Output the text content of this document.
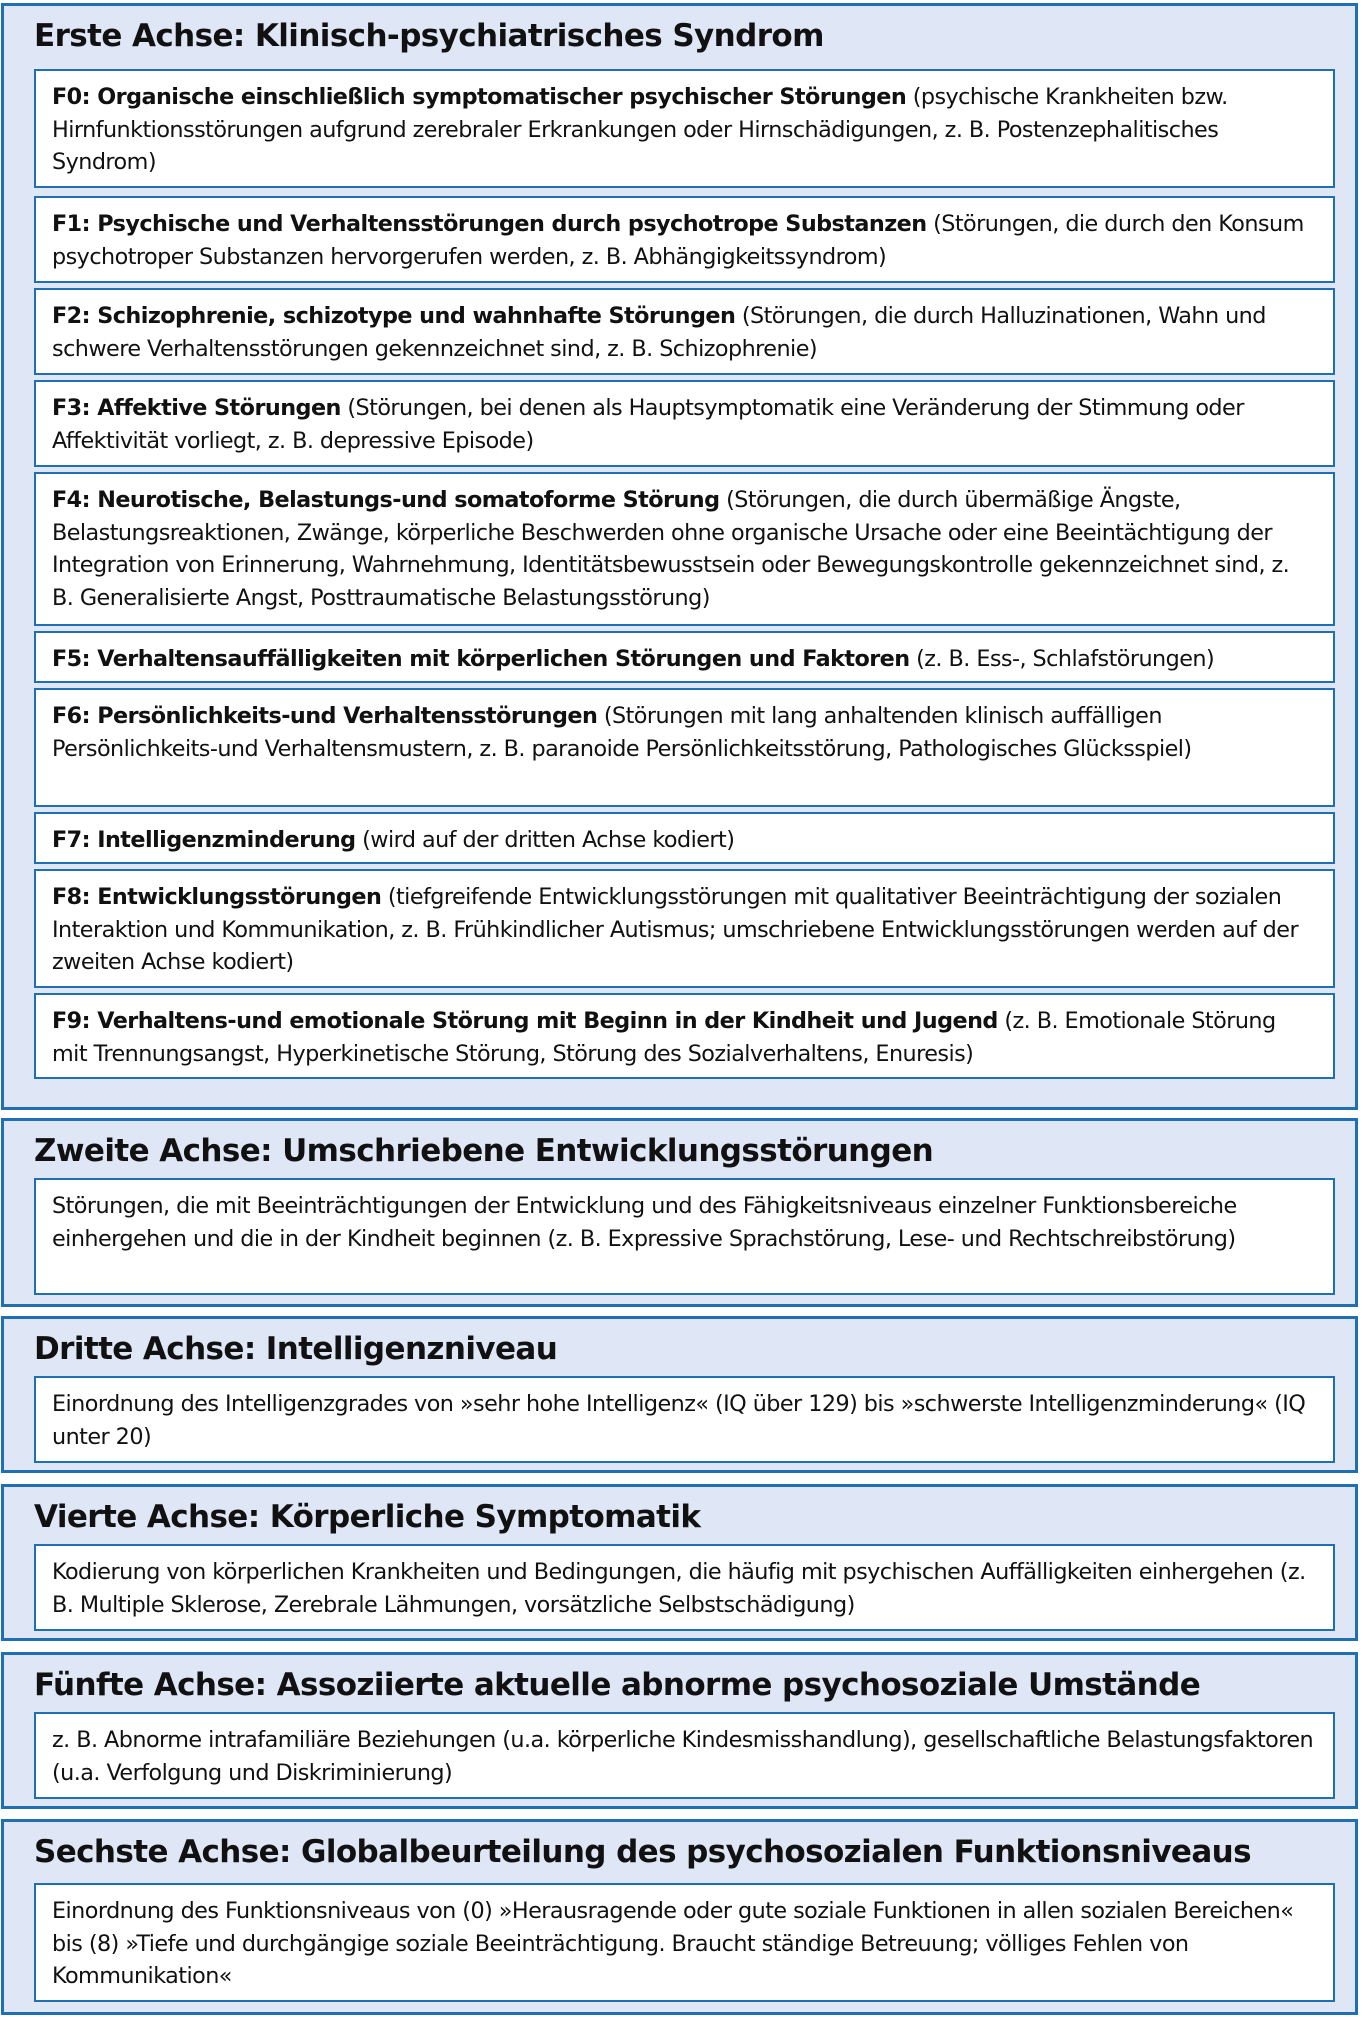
Erste Achse: Klinisch-psychiatrisches Syndrom
F0: Organische einschließlich symptomatischer psychischer Störungen (psychische Krankheiten bzw. Hirnfunktionsstörungen aufgrund zerebraler Erkrankungen oder Hirnschädigungen, z. B. Postenzephalitisches Syndrom)
F1: Psychische und Verhaltensstörungen durch psychotrope Substanzen (Störungen, die durch den Konsum psychotroper Substanzen hervorgerufen werden, z. B. Abhängigkeitssyndrom)
F2: Schizophrenie, schizotype und wahnhafte Störungen (Störungen, die durch Halluzinationen, Wahn und schwere Verhaltensstörungen gekennzeichnet sind, z. B. Schizophrenie)
F3: Affektive Störungen (Störungen, bei denen als Hauptsymptomatik eine Veränderung der Stimmung oder Affektivität vorliegt, z. B. depressive Episode)
F4: Neurotische, Belastungs-und somatoforme Störung (Störungen, die durch übermäßige Ängste, Belastungsreaktionen, Zwänge, körperliche Beschwerden ohne organische Ursache oder eine Beeintächtigung der Integration von Erinnerung, Wahrnehmung, Identitätsbewusstsein oder Bewegungskontrolle gekennzeichnet sind, z. B. Generalisierte Angst, Posttraumatische Belastungsstörung)
F5: Verhaltensauffälligkeiten mit körperlichen Störungen und Faktoren (z. B. Ess-, Schlafstörungen)
F6: Persönlichkeits-und Verhaltensstörungen (Störungen mit lang anhaltenden klinisch auffälligen Persönlichkeits-und Verhaltensmustern, z. B. paranoide Persönlichkeitsstörung, Pathologisches Glücksspiel)
F7: Intelligenzminderung (wird auf der dritten Achse kodiert)
F8: Entwicklungsstörungen (tiefgreifende Entwicklungsstörungen mit qualitativer Beeinträchtigung der sozialen Interaktion und Kommunikation, z. B. Frühkindlicher Autismus; umschriebene Entwicklungsstörungen werden auf der zweiten Achse kodiert)
F9: Verhaltens-und emotionale Störung mit Beginn in der Kindheit und Jugend (z. B. Emotionale Störung mit Trennungsangst, Hyperkinetische Störung, Störung des Sozialverhaltens, Enuresis)
Zweite Achse: Umschriebene Entwicklungsstörungen
Störungen, die mit Beeinträchtigungen der Entwicklung und des Fähigkeitsniveaus einzelner Funktionsbereiche einhergehen und die in der Kindheit beginnen (z. B. Expressive Sprachstörung, Lese- und Rechtschreibstörung)
Dritte Achse: Intelligenzniveau
Einordnung des Intelligenzgrades von »sehr hohe Intelligenz« (IQ über 129) bis »schwerste Intelligenzminderung« (IQ unter 20)
Vierte Achse: Körperliche Symptomatik
Kodierung von körperlichen Krankheiten und Bedingungen, die häufig mit psychischen Auffälligkeiten einhergehen (z. B. Multiple Sklerose, Zerebrale Lähmungen, vorsätzliche Selbstschädigung)
Fünfte Achse: Assoziierte aktuelle abnorme psychosoziale Umstände
z. B. Abnorme intrafamiliäre Beziehungen (u.a. körperliche Kindesmisshandlung), gesellschaftliche Belastungsfaktoren (u.a. Verfolgung und Diskriminierung)
Sechste Achse: Globalbeurteilung des psychosozialen Funktionsniveaus
Einordnung des Funktionsniveaus von (0) »Herausragende oder gute soziale Funktionen in allen sozialen Bereichen« bis (8) »Tiefe und durchgängige soziale Beeinträchtigung. Braucht ständige Betreuung; völliges Fehlen von Kommunikation«
